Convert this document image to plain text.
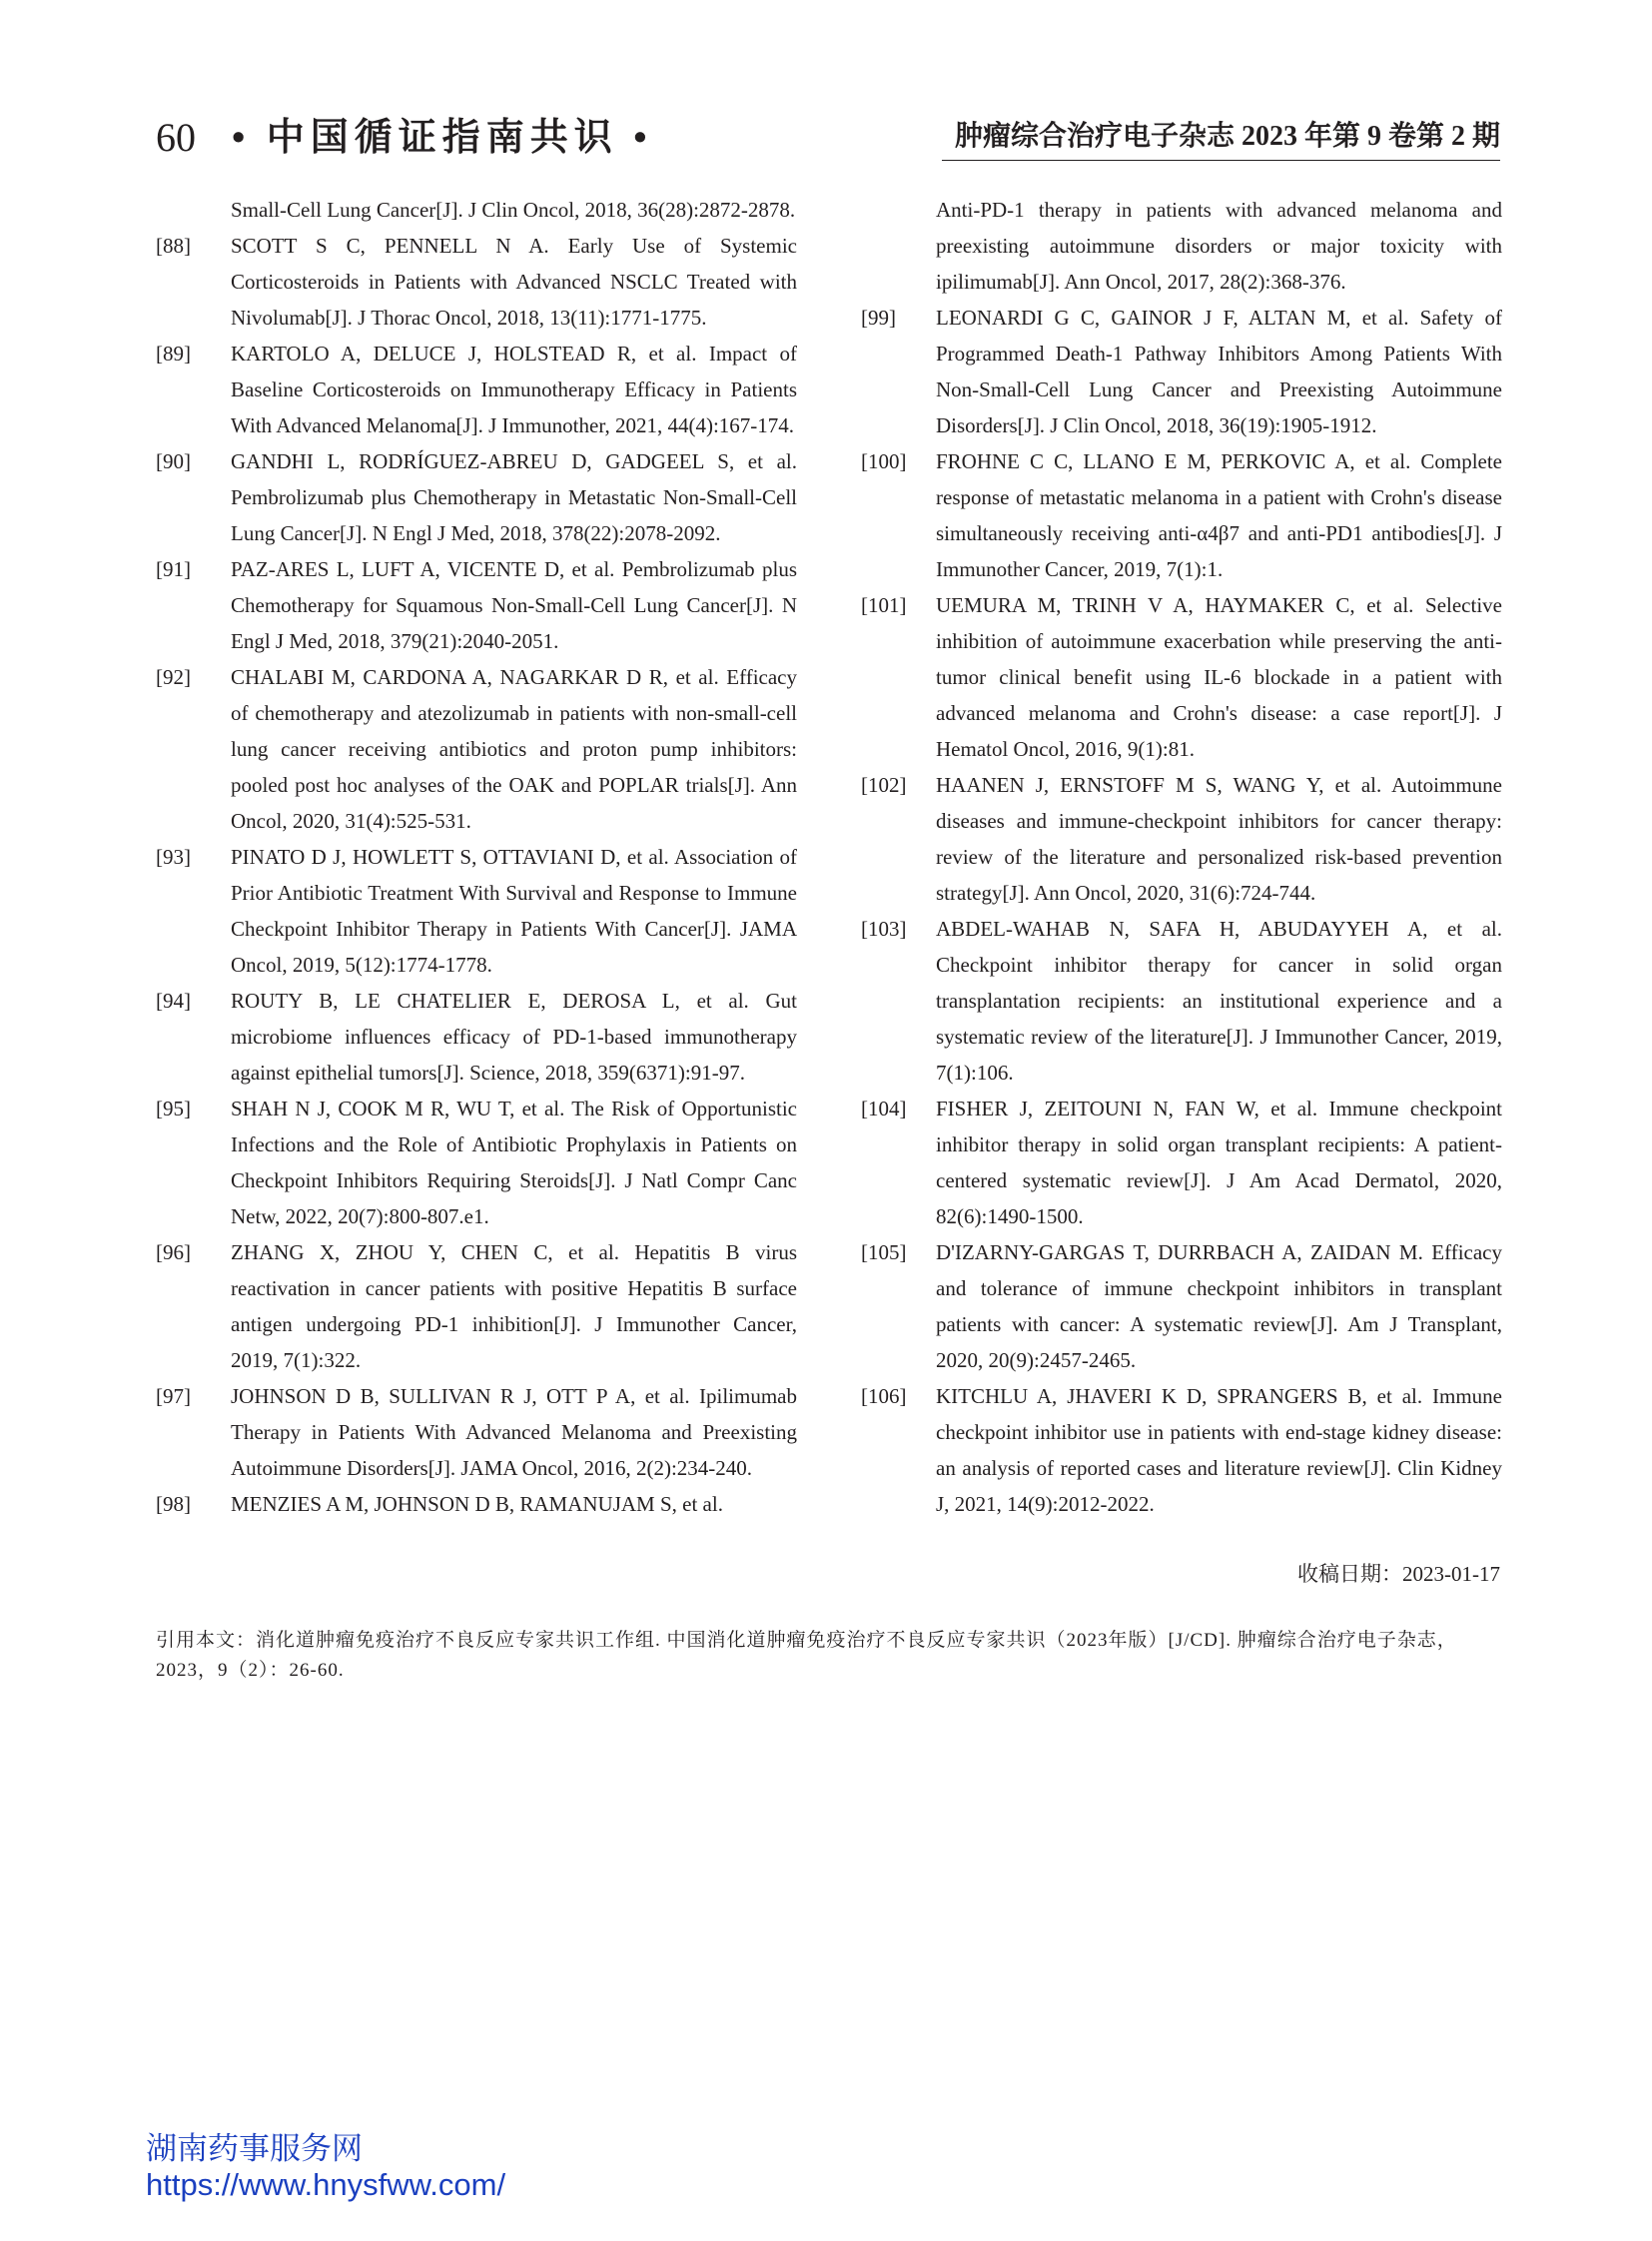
60 • 中国循证指南共识 •	肿瘤综合治疗电子杂志 2023 年第 9 卷第 2 期
Small-Cell Lung Cancer[J]. J Clin Oncol, 2018, 36(28):2872-2878.
[88]	SCOTT S C, PENNELL N A. Early Use of Systemic Corticosteroids in Patients with Advanced NSCLC Treated with Nivolumab[J]. J Thorac Oncol, 2018, 13(11):1771-1775.
[89]	KARTOLO A, DELUCE J, HOLSTEAD R, et al. Impact of Baseline Corticosteroids on Immunotherapy Efficacy in Patients With Advanced Melanoma[J]. J Immunother, 2021, 44(4):167-174.
[90]	GANDHI L, RODRÍGUEZ-ABREU D, GADGEEL S, et al. Pembrolizumab plus Chemotherapy in Metastatic Non-Small-Cell Lung Cancer[J]. N Engl J Med, 2018, 378(22):2078-2092.
[91]	PAZ-ARES L, LUFT A, VICENTE D, et al. Pembrolizumab plus Chemotherapy for Squamous Non-Small-Cell Lung Cancer[J]. N Engl J Med, 2018, 379(21):2040-2051.
[92]	CHALABI M, CARDONA A, NAGARKAR D R, et al. Efficacy of chemotherapy and atezolizumab in patients with non-small-cell lung cancer receiving antibiotics and proton pump inhibitors: pooled post hoc analyses of the OAK and POPLAR trials[J]. Ann Oncol, 2020, 31(4):525-531.
[93]	PINATO D J, HOWLETT S, OTTAVIANI D, et al. Association of Prior Antibiotic Treatment With Survival and Response to Immune Checkpoint Inhibitor Therapy in Patients With Cancer[J]. JAMA Oncol, 2019, 5(12):1774-1778.
[94]	ROUTY B, LE CHATELIER E, DEROSA L, et al. Gut microbiome influences efficacy of PD-1-based immunotherapy against epithelial tumors[J]. Science, 2018, 359(6371):91-97.
[95]	SHAH N J, COOK M R, WU T, et al. The Risk of Opportunistic Infections and the Role of Antibiotic Prophylaxis in Patients on Checkpoint Inhibitors Requiring Steroids[J]. J Natl Compr Canc Netw, 2022, 20(7):800-807.e1.
[96]	ZHANG X, ZHOU Y, CHEN C, et al. Hepatitis B virus reactivation in cancer patients with positive Hepatitis B surface antigen undergoing PD-1 inhibition[J]. J Immunother Cancer, 2019, 7(1):322.
[97]	JOHNSON D B, SULLIVAN R J, OTT P A, et al. Ipilimumab Therapy in Patients With Advanced Melanoma and Preexisting Autoimmune Disorders[J]. JAMA Oncol, 2016, 2(2):234-240.
[98]	MENZIES A M, JOHNSON D B, RAMANUJAM S, et al.
Anti-PD-1 therapy in patients with advanced melanoma and preexisting autoimmune disorders or major toxicity with ipilimumab[J]. Ann Oncol, 2017, 28(2):368-376.
[99]	LEONARDI G C, GAINOR J F, ALTAN M, et al. Safety of Programmed Death-1 Pathway Inhibitors Among Patients With Non-Small-Cell Lung Cancer and Preexisting Autoimmune Disorders[J]. J Clin Oncol, 2018, 36(19):1905-1912.
[100]	FROHNE C C, LLANO E M, PERKOVIC A, et al. Complete response of metastatic melanoma in a patient with Crohn's disease simultaneously receiving anti-α4β7 and anti-PD1 antibodies[J]. J Immunother Cancer, 2019, 7(1):1.
[101]	UEMURA M, TRINH V A, HAYMAKER C, et al. Selective inhibition of autoimmune exacerbation while preserving the anti-tumor clinical benefit using IL-6 blockade in a patient with advanced melanoma and Crohn's disease: a case report[J]. J Hematol Oncol, 2016, 9(1):81.
[102]	HAANEN J, ERNSTOFF M S, WANG Y, et al. Autoimmune diseases and immune-checkpoint inhibitors for cancer therapy: review of the literature and personalized risk-based prevention strategy[J]. Ann Oncol, 2020, 31(6):724-744.
[103]	ABDEL-WAHAB N, SAFA H, ABUDAYYEH A, et al. Checkpoint inhibitor therapy for cancer in solid organ transplantation recipients: an institutional experience and a systematic review of the literature[J]. J Immunother Cancer, 2019, 7(1):106.
[104]	FISHER J, ZEITOUNI N, FAN W, et al. Immune checkpoint inhibitor therapy in solid organ transplant recipients: A patient-centered systematic review[J]. J Am Acad Dermatol, 2020, 82(6):1490-1500.
[105]	D'IZARNY-GARGAS T, DURRBACH A, ZAIDAN M. Efficacy and tolerance of immune checkpoint inhibitors in transplant patients with cancer: A systematic review[J]. Am J Transplant, 2020, 20(9):2457-2465.
[106]	KITCHLU A, JHAVERI K D, SPRANGERS B, et al. Immune checkpoint inhibitor use in patients with end-stage kidney disease: an analysis of reported cases and literature review[J]. Clin Kidney J, 2021, 14(9):2012-2022.
收稿日期：2023-01-17
引用本文：消化道肿瘤免疫治疗不良反应专家共识工作组. 中国消化道肿瘤免疫治疗不良反应专家共识（2023年版）[J/CD]. 肿瘤综合治疗电子杂志，2023，9（2）：26-60.
湖南药事服务网
https://www.hnysfww.com/
